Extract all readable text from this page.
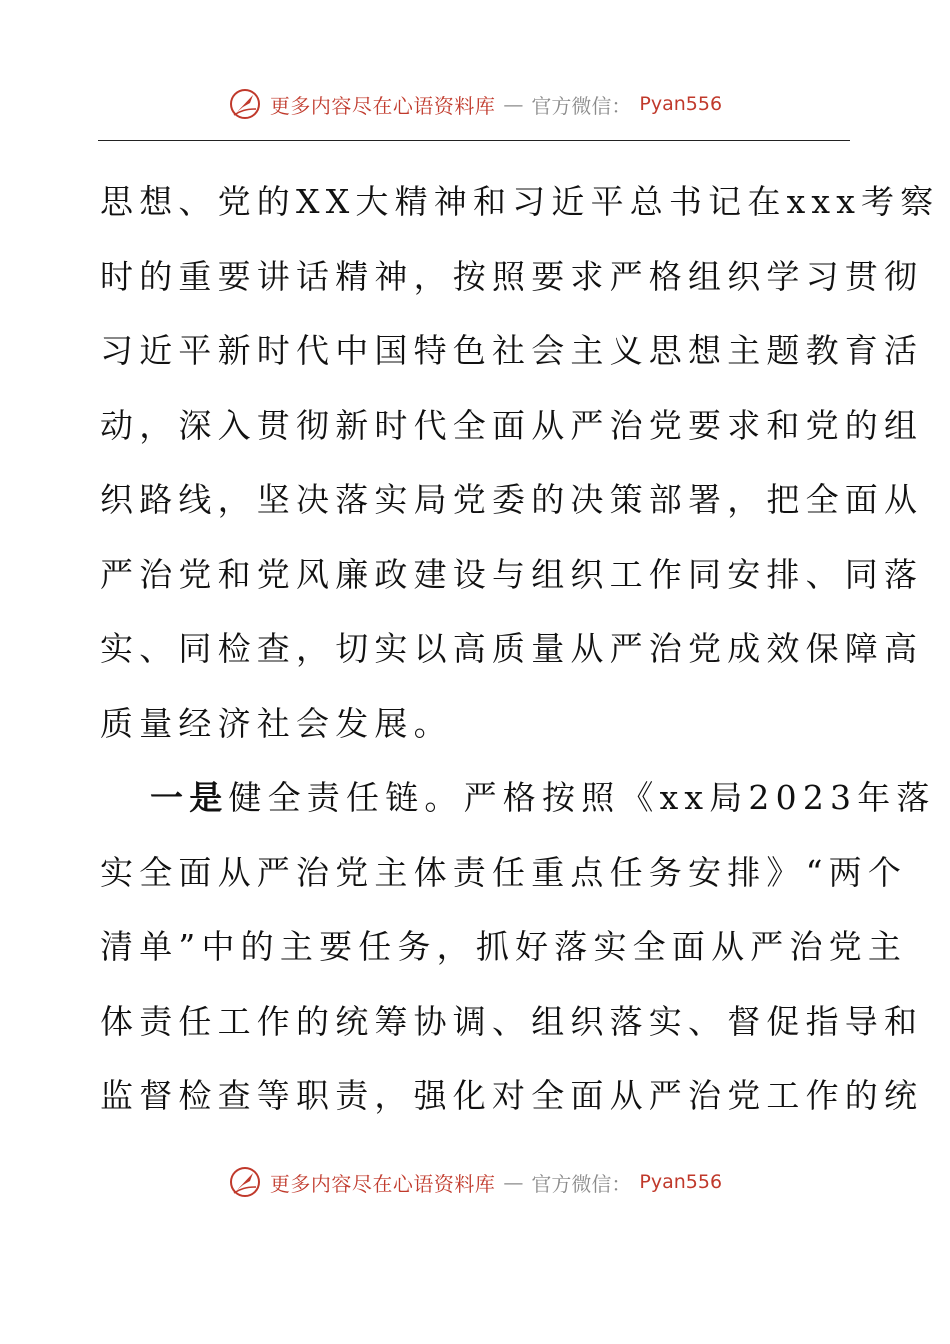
更多内容尽在心语资料库 — 官方微信： Pyan556
思想、党的XX大精神和习近平总书记在xxx考察
时的重要讲话精神，按照要求严格组织学习贯彻
习近平新时代中国特色社会主义思想主题教育活
动，深入贯彻新时代全面从严治党要求和党的组
织路线，坚决落实局党委的决策部署，把全面从
严治党和党风廉政建设与组织工作同安排、同落
实、同检查，切实以高质量从严治党成效保障高
质量经济社会发展。
一是健全责任链。严格按照《xx局2023年落
实全面从严治党主体责任重点任务安排》“两个
清单”中的主要任务，抓好落实全面从严治党主
体责任工作的统筹协调、组织落实、督促指导和
监督检查等职责，强化对全面从严治党工作的统
更多内容尽在心语资料库 — 官方微信： Pyan556
